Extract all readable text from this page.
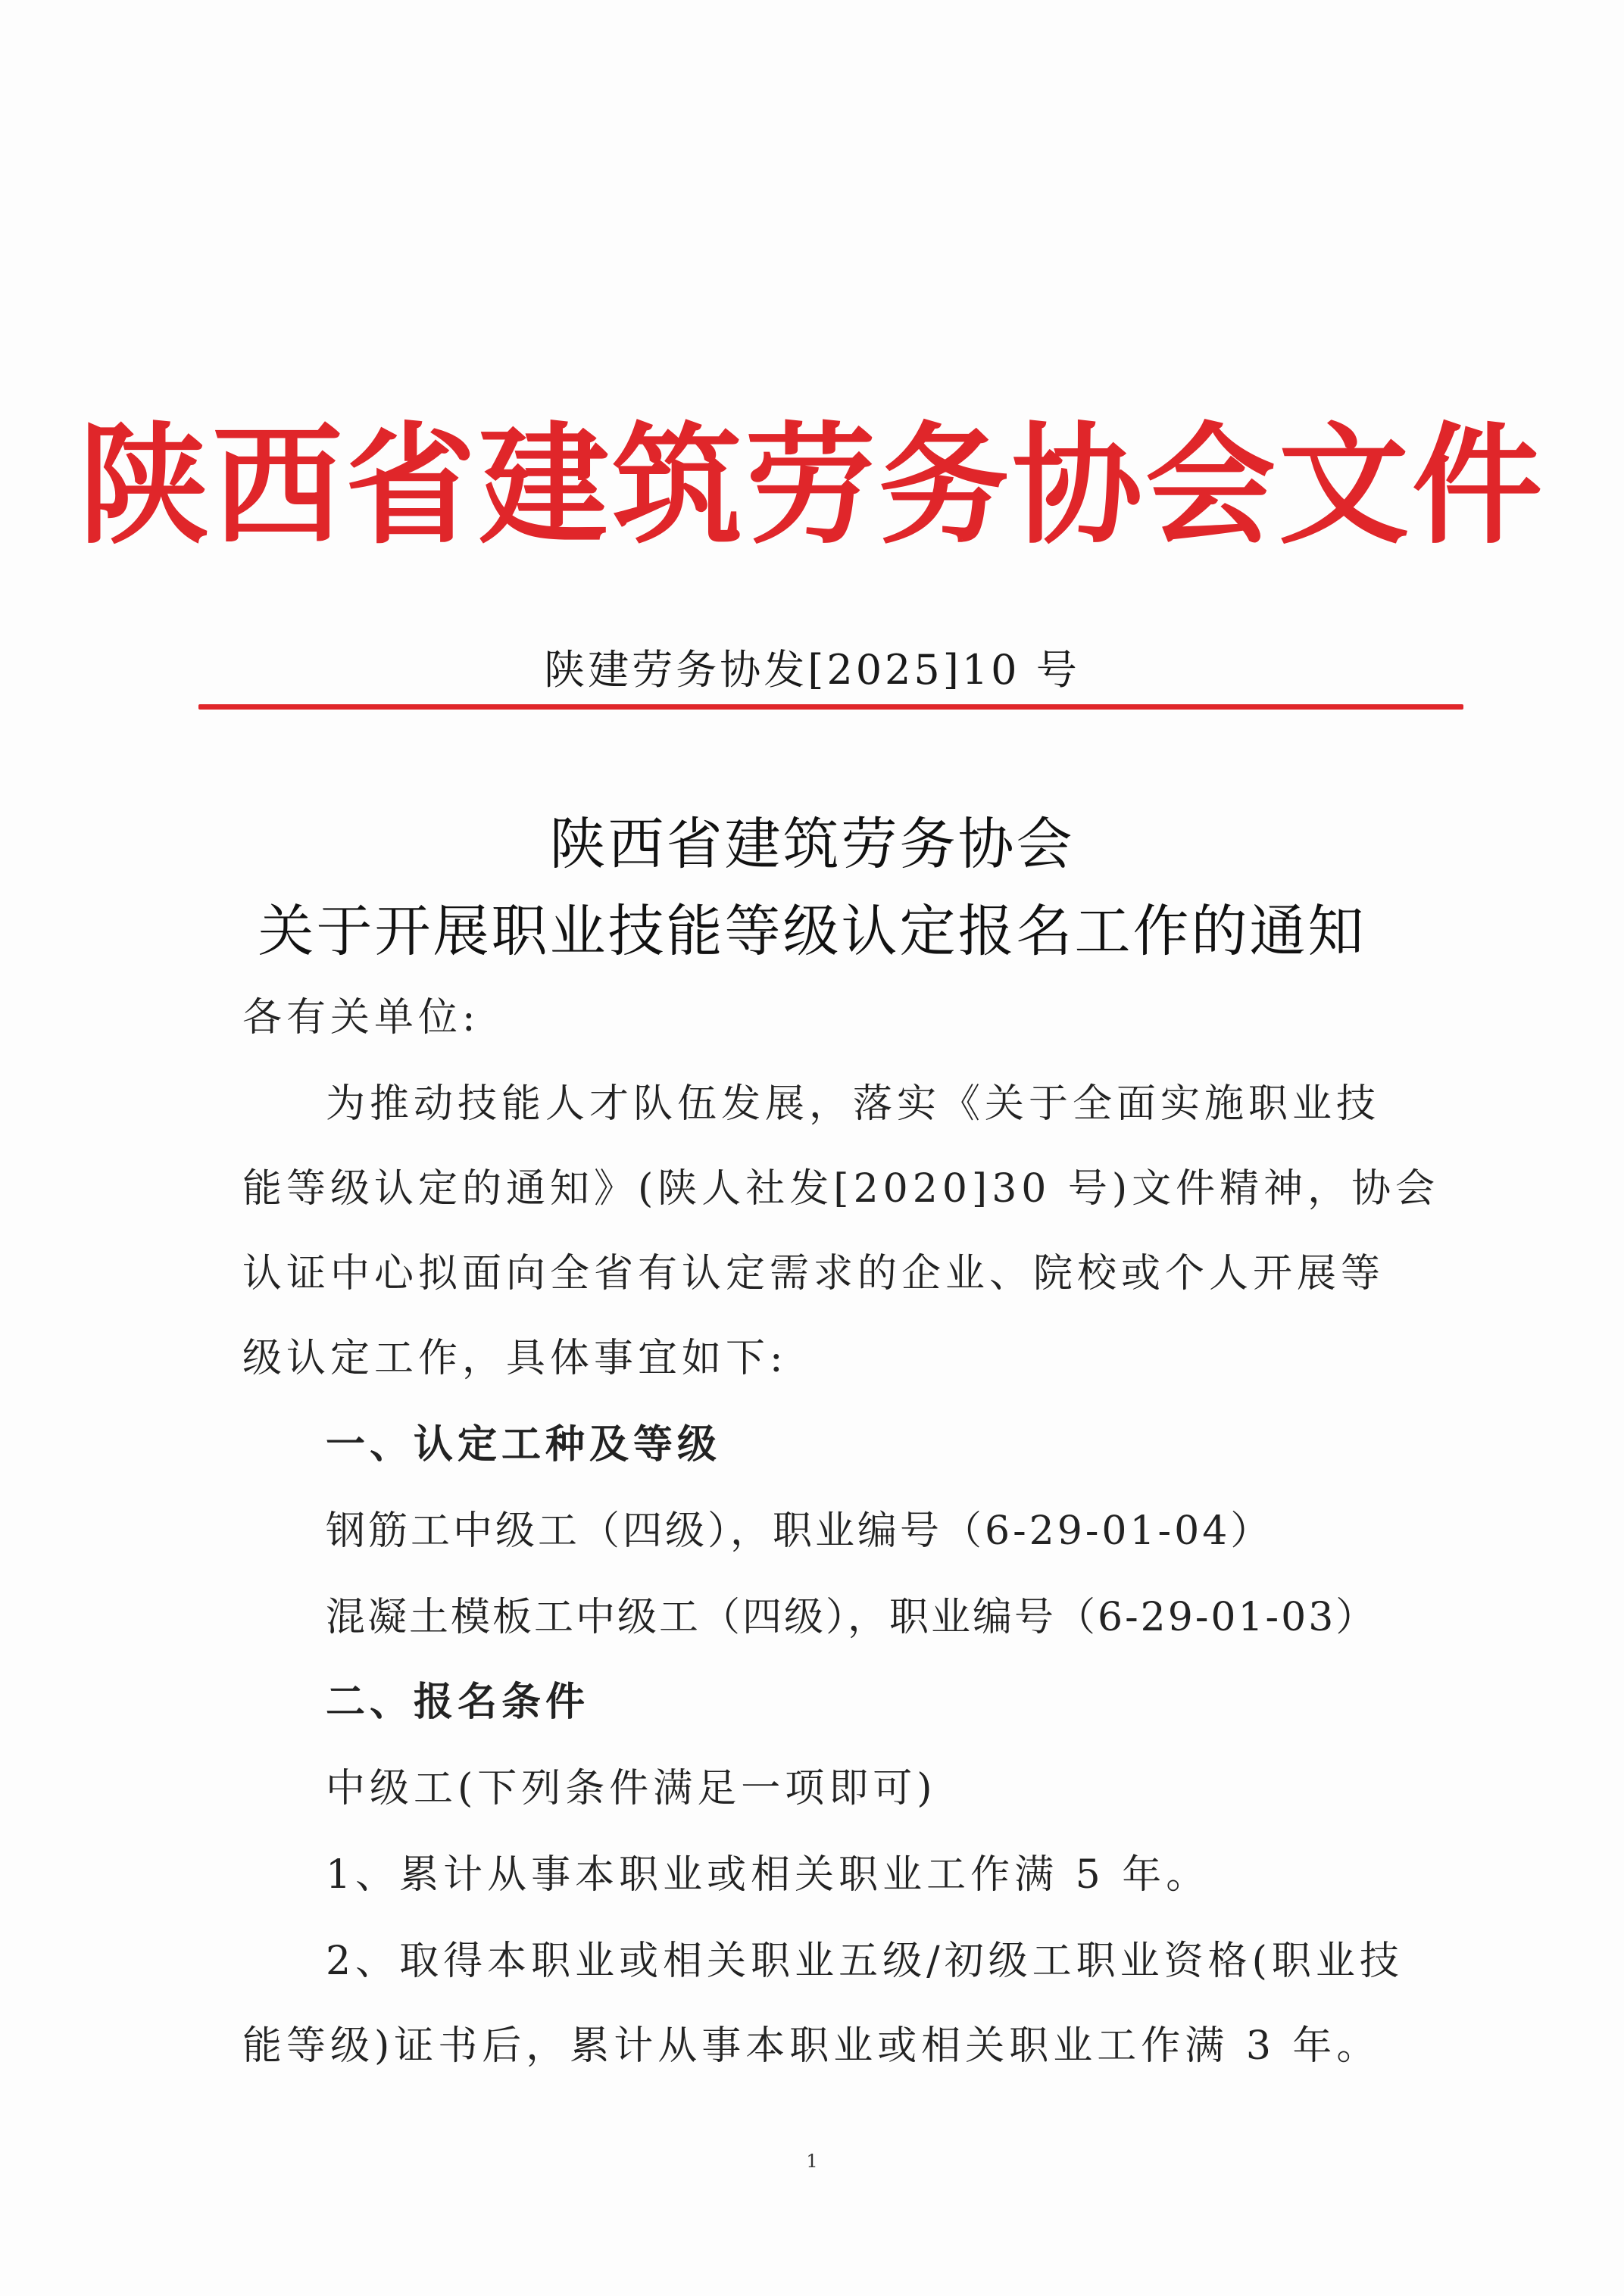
陕西省建筑劳务协会文件
陕建劳务协发[2025]10 号
陕西省建筑劳务协会
关于开展职业技能等级认定报名工作的通知
各有关单位:
为推动技能人才队伍发展，落实《关于全面实施职业技
能等级认定的通知》(陕人社发[2020]30 号)文件精神，协会
认证中心拟面向全省有认定需求的企业、院校或个人开展等
级认定工作，具体事宜如下:
一、认定工种及等级
钢筋工中级工（四级），职业编号（6-29-01-04）
混凝土模板工中级工（四级），职业编号（6-29-01-03）
二、报名条件
中级工(下列条件满足一项即可)
1、累计从事本职业或相关职业工作满 5 年。
2、取得本职业或相关职业五级/初级工职业资格(职业技
能等级)证书后，累计从事本职业或相关职业工作满 3 年。
1
